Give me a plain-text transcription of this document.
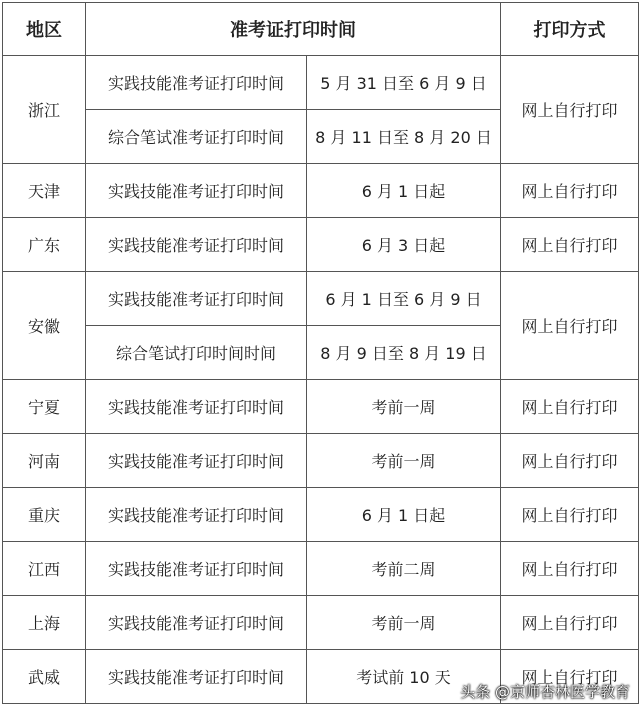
地区	准考证打印时间		打印方式
浙江	实践技能准考证打印时间	5 月 31 日至 6 月 9 日	网上自行打印
	综合笔试准考证打印时间	8 月 11 日至 8 月 20 日	
天津	实践技能准考证打印时间	6 月 1 日起	网上自行打印
广东	实践技能准考证打印时间	6 月 3 日起	网上自行打印
安徽	实践技能准考证打印时间	6 月 1 日至 6 月 9 日	网上自行打印
	综合笔试打印时间时间	8 月 9 日至 8 月 19 日	
宁夏	实践技能准考证打印时间	考前一周	网上自行打印
河南	实践技能准考证打印时间	考前一周	网上自行打印
重庆	实践技能准考证打印时间	6 月 1 日起	网上自行打印
江西	实践技能准考证打印时间	考前二周	网上自行打印
上海	实践技能准考证打印时间	考前一周	网上自行打印
武威	实践技能准考证打印时间	考试前 10 天	网上自行打印
头条 @京师杏林医学教育
